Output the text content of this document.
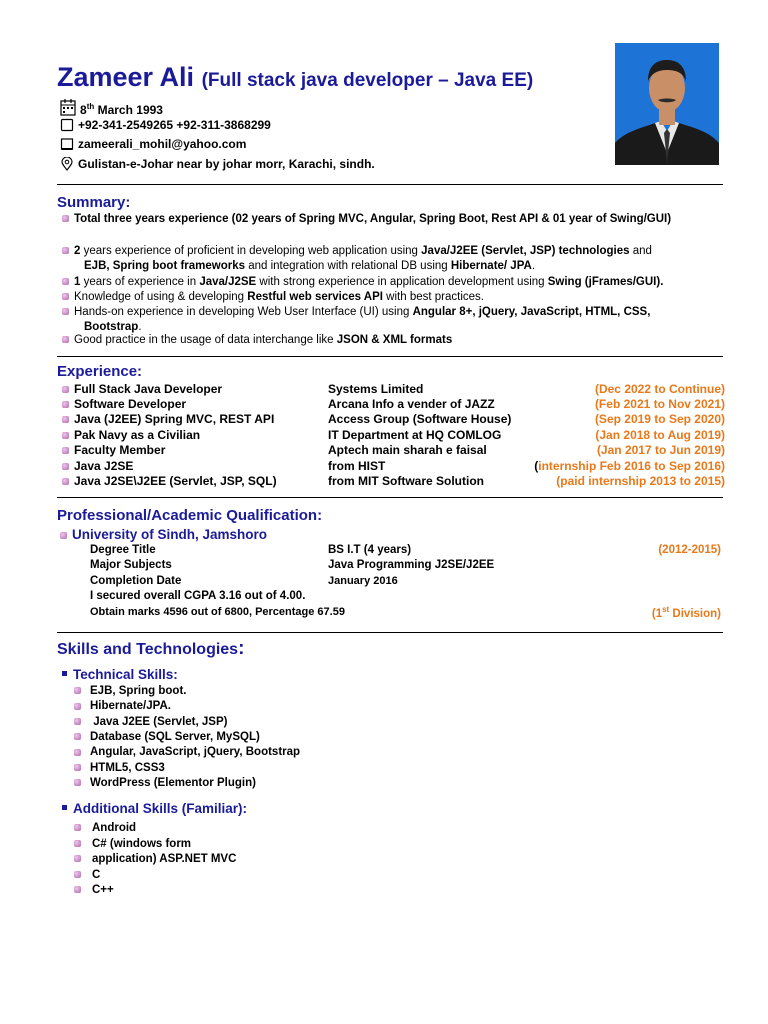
Zameer Ali (Full stack java developer – Java EE)
8th March 1993
+92-341-2549265 +92-311-3868299
zameerali_mohil@yahoo.com
Gulistan-e-Johar near by johar morr, Karachi, sindh.
Summary:
Total three years experience (02 years of Spring MVC, Angular, Spring Boot, Rest API & 01 year of Swing/GUI)
2 years experience of proficient in developing web application using Java/J2EE (Servlet, JSP) technologies and
EJB, Spring boot frameworks and integration with relational DB using Hibernate/ JPA.
1 years of experience in Java/J2SE with strong experience in application development using Swing (jFrames/GUI).
Knowledge of using & developing Restful web services API with best practices.
Hands-on experience in developing Web User Interface (UI) using Angular 8+, jQuery, JavaScript, HTML, CSS,
Bootstrap.
Good practice in the usage of data interchange like JSON & XML formats
Experience:
Full Stack Java Developer	Systems Limited	(Dec 2022 to Continue)
Software Developer	Arcana Info a vender of JAZZ	(Feb 2021 to Nov 2021)
Java (J2EE) Spring MVC, REST API	Access Group (Software House)	(Sep 2019 to Sep 2020)
Pak Navy as a Civilian	IT Department at HQ COMLOG	(Jan 2018 to Aug 2019)
Faculty Member	Aptech main sharah e faisal	(Jan 2017 to Jun 2019)
Java J2SE	from HIST	(internship Feb 2016 to Sep 2016)
Java J2SE\J2EE (Servlet, JSP, SQL)	from MIT Software Solution	(paid internship 2013 to 2015)
Professional/Academic Qualification:
University of Sindh, Jamshoro
Degree Title	BS I.T (4 years)	(2012-2015)
Major Subjects	Java Programming J2SE/J2EE
Completion Date	January 2016
I secured overall CGPA 3.16 out of 4.00.
Obtain marks 4596 out of 6800, Percentage 67.59	(1st Division)
Skills and Technologies:
Technical Skills:
EJB, Spring boot.
Hibernate/JPA.
Java J2EE (Servlet, JSP)
Database (SQL Server, MySQL)
Angular, JavaScript, jQuery, Bootstrap
HTML5, CSS3
WordPress (Elementor Plugin)
Additional Skills (Familiar):
Android
C# (windows form
application) ASP.NET MVC
C
C++
